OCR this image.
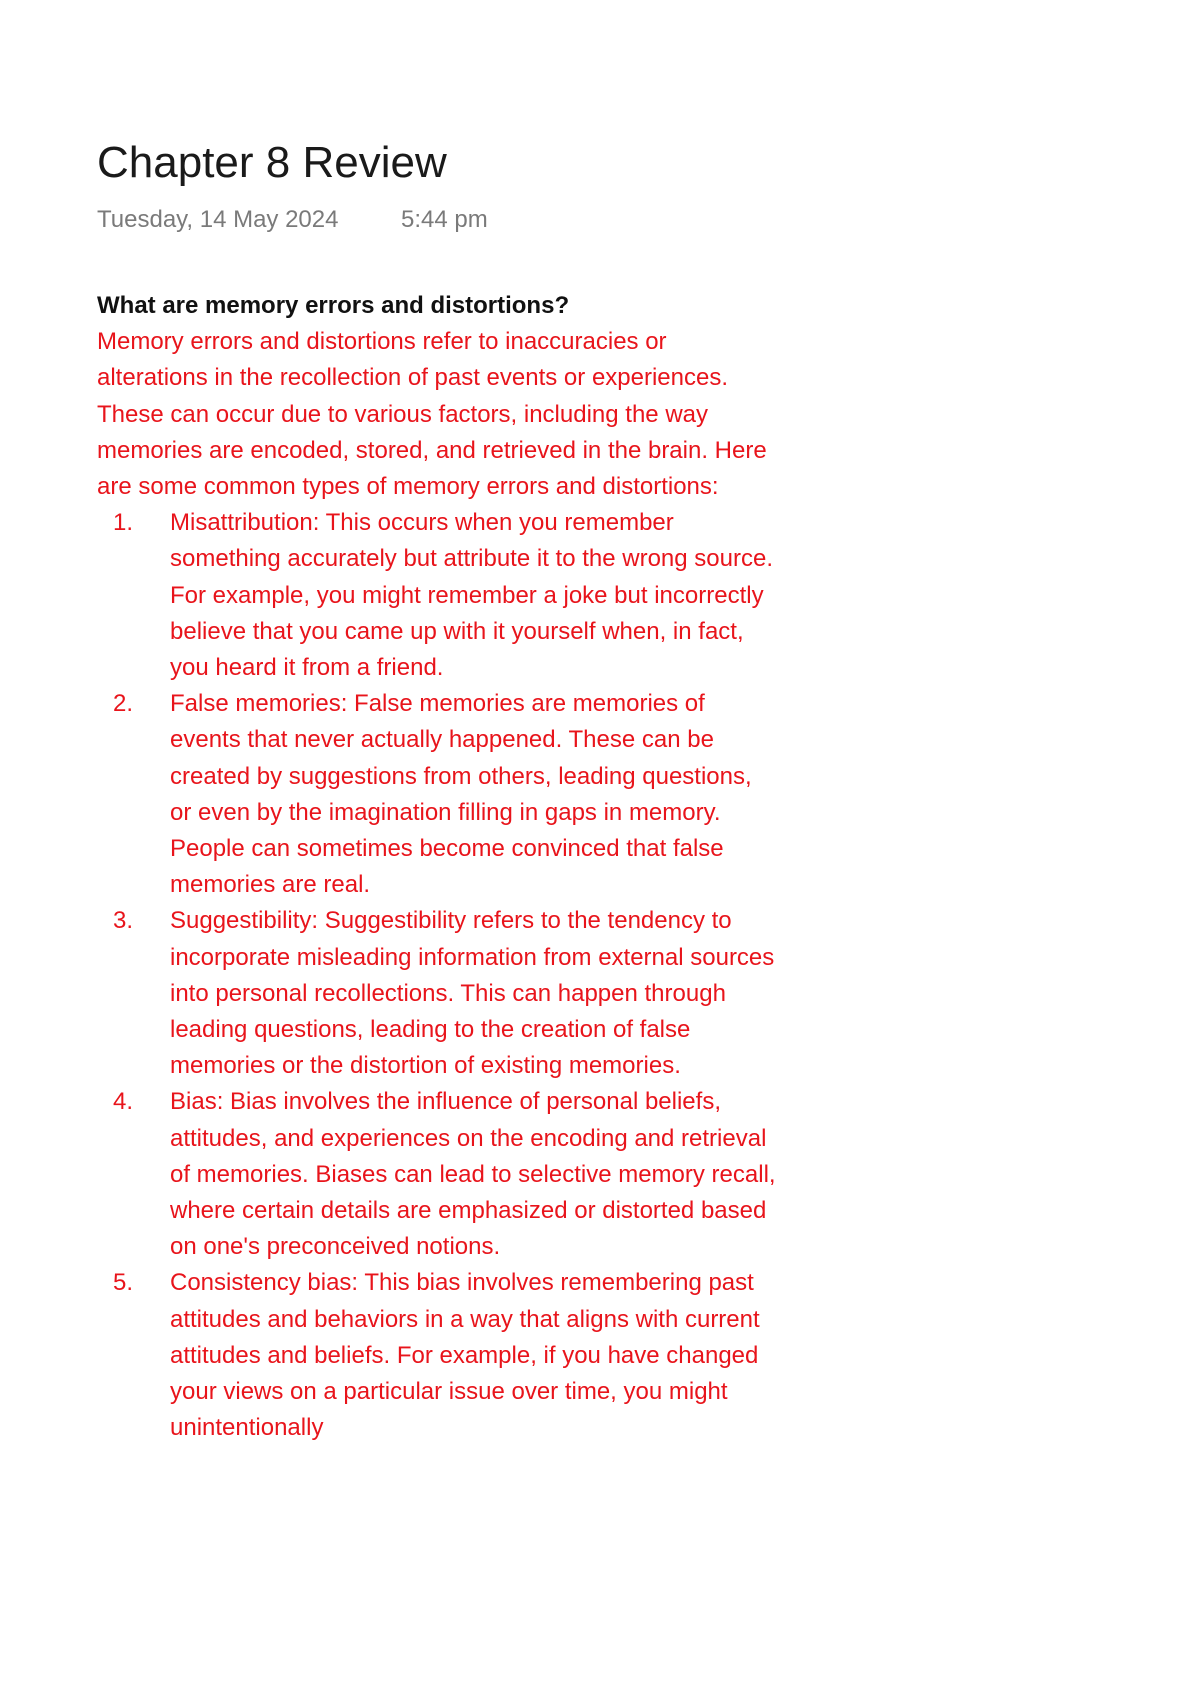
Chapter 8 Review
Tuesday, 14 May 2024	5:44 pm

What are memory errors and distortions?

Memory errors and distortions refer to inaccuracies or alterations in the recollection of past events or experiences. These can occur due to various factors, including the way memories are encoded, stored, and retrieved in the brain. Here are some common types of memory errors and distortions:

1. Misattribution: This occurs when you remember something accurately but attribute it to the wrong source. For example, you might remember a joke but incorrectly believe that you came up with it yourself when, in fact, you heard it from a friend.
2. False memories: False memories are memories of events that never actually happened. These can be created by suggestions from others, leading questions, or even by the imagination filling in gaps in memory. People can sometimes become convinced that false memories are real.
3. Suggestibility: Suggestibility refers to the tendency to incorporate misleading information from external sources into personal recollections. This can happen through leading questions, leading to the creation of false memories or the distortion of existing memories.
4. Bias: Bias involves the influence of personal beliefs, attitudes, and experiences on the encoding and retrieval of memories. Biases can lead to selective memory recall, where certain details are emphasized or distorted based on one's preconceived notions.
5. Consistency bias: This bias involves remembering past attitudes and behaviors in a way that aligns with current attitudes and beliefs. For example, if you have changed your views on a particular issue over time, you might unintentionally
